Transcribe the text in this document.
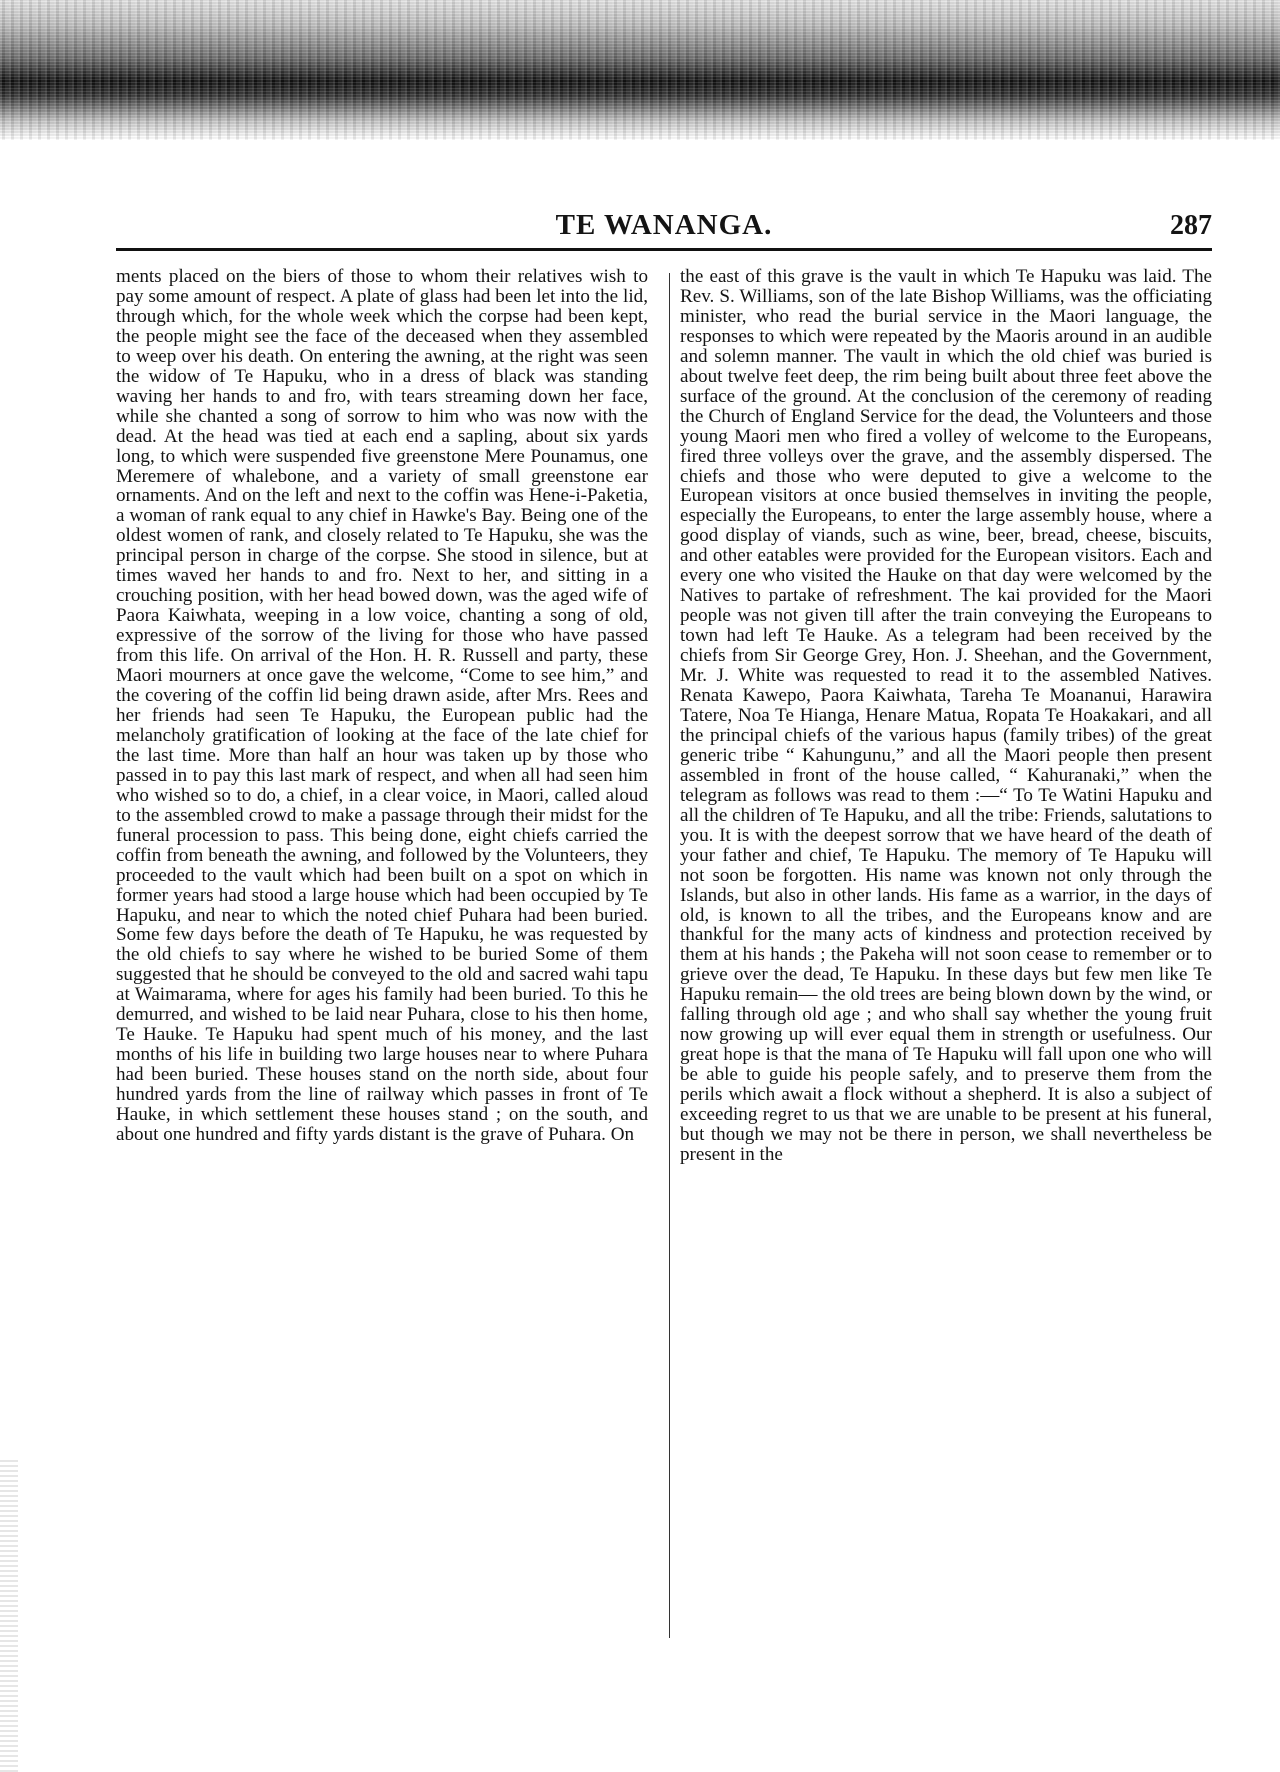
TE WANANGA.	287

ments placed on the biers of those to whom their relatives wish to pay some amount of respect. A plate of glass had been let into the lid, through which, for the whole week which the corpse had been kept, the people might see the face of the deceased when they assembled to weep over his death. On entering the awning, at the right was seen the widow of Te Hapuku, who in a dress of black was standing waving her hands to and fro, with tears streaming down her face, while she chanted a song of sorrow to him who was now with the dead. At the head was tied at each end a sapling, about six yards long, to which were suspended five greenstone Mere Pounamus, one Meremere of whalebone, and a variety of small greenstone ear ornaments. And on the left and next to the coffin was Hene-i-Paketia, a woman of rank equal to any chief in Hawke's Bay. Being one of the oldest women of rank, and closely related to Te Hapuku, she was the principal person in charge of the corpse. She stood in silence, but at times waved her hands to and fro. Next to her, and sitting in a crouching position, with her head bowed down, was the aged wife of Paora Kaiwhata, weeping in a low voice, chanting a song of old, expressive of the sorrow of the living for those who have passed from this life. On arrival of the Hon. H. R. Russell and party, these Maori mourners at once gave the welcome, “Come to see him,” and the covering of the coffin lid being drawn aside, after Mrs. Rees and her friends had seen Te Hapuku, the European public had the melancholy gratification of looking at the face of the late chief for the last time. More than half an hour was taken up by those who passed in to pay this last mark of respect, and when all had seen him who wished so to do, a chief, in a clear voice, in Maori, called aloud to the assembled crowd to make a passage through their midst for the funeral procession to pass. This being done, eight chiefs carried the coffin from beneath the awning, and followed by the Volunteers, they proceeded to the vault which had been built on a spot on which in former years had stood a large house which had been occupied by Te Hapuku, and near to which the noted chief Puhara had been buried. Some few days before the death of Te Hapuku, he was requested by the old chiefs to say where he wished to be buried Some of them suggested that he should be conveyed to the old and sacred wahi tapu at Waimarama, where for ages his family had been buried. To this he demurred, and wished to be laid near Puhara, close to his then home, Te Hauke. Te Hapuku had spent much of his money, and the last months of his life in building two large houses near to where Puhara had been buried. These houses stand on the north side, about four hundred yards from the line of railway which passes in front of Te Hauke, in which settlement these houses stand ; on the south, and about one hundred and fifty yards distant is the grave of Puhara. On

the east of this grave is the vault in which Te Hapuku was laid. The Rev. S. Williams, son of the late Bishop Williams, was the officiating minister, who read the burial service in the Maori language, the responses to which were repeated by the Maoris around in an audible and solemn manner. The vault in which the old chief was buried is about twelve feet deep, the rim being built about three feet above the surface of the ground. At the conclusion of the ceremony of reading the Church of England Service for the dead, the Volunteers and those young Maori men who fired a volley of welcome to the Europeans, fired three volleys over the grave, and the assembly dispersed. The chiefs and those who were deputed to give a welcome to the European visitors at once busied themselves in inviting the people, especially the Europeans, to enter the large assembly house, where a good display of viands, such as wine, beer, bread, cheese, biscuits, and other eatables were provided for the European visitors. Each and every one who visited the Hauke on that day were welcomed by the Natives to partake of refreshment. The kai provided for the Maori people was not given till after the train conveying the Europeans to town had left Te Hauke. As a telegram had been received by the chiefs from Sir George Grey, Hon. J. Sheehan, and the Government, Mr. J. White was requested to read it to the assembled Natives. Renata Kawepo, Paora Kaiwhata, Tareha Te Moananui, Harawira Tatere, Noa Te Hianga, Henare Matua, Ropata Te Hoakakari, and all the principal chiefs of the various hapus (family tribes) of the great generic tribe “ Kahungunu,” and all the Maori people then present assembled in front of the house called, “ Kahuranaki,” when the telegram as follows was read to them :—“ To Te Watini Hapuku and all the children of Te Hapuku, and all the tribe: Friends, salutations to you. It is with the deepest sorrow that we have heard of the death of your father and chief, Te Hapuku. The memory of Te Hapuku will not soon be forgotten. His name was known not only through the Islands, but also in other lands. His fame as a warrior, in the days of old, is known to all the tribes, and the Europeans know and are thankful for the many acts of kindness and protection received by them at his hands ; the Pakeha will not soon cease to remember or to grieve over the dead, Te Hapuku. In these days but few men like Te Hapuku remain— the old trees are being blown down by the wind, or falling through old age ; and who shall say whether the young fruit now growing up will ever equal them in strength or usefulness. Our great hope is that the mana of Te Hapuku will fall upon one who will be able to guide his people safely, and to preserve them from the perils which await a flock without a shepherd. It is also a subject of exceeding regret to us that we are unable to be present at his funeral, but though we may not be there in person, we shall nevertheless be present in the
